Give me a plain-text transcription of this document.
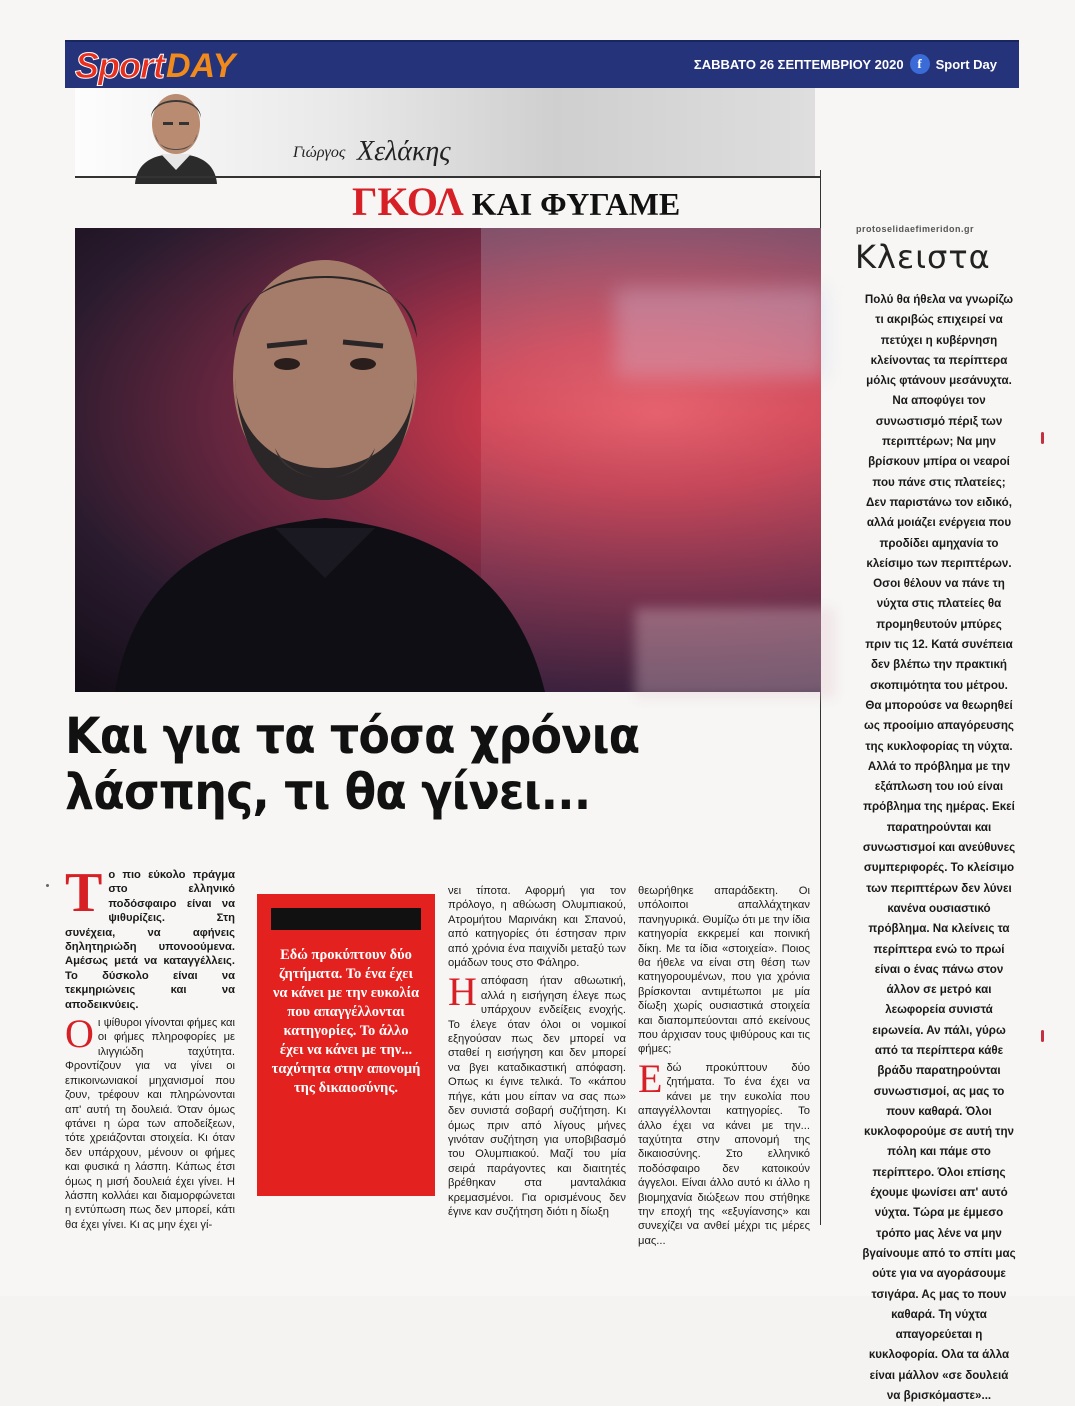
Sport DAY	ΣΑΒΒΑΤΟ 26 ΣΕΠΤΕΜΒΡΙΟΥ 2020	f	Sport Day
Γιώργος Χελάκης
ΓΚΟΛ ΚΑΙ ΦΥΓΑΜΕ
Και για τα τόσα χρόνια
λάσπης, τι θα γίνει...

Το πιο εύκολο πράγμα στο ελληνικό ποδόσφαιρο είναι να ψιθυρίζεις. Στη συνέχεια, να αφήνεις δηλητηριώδη υπονοούμενα. Αμέσως μετά να καταγγέλλεις. Το δύσκολο είναι να τεκμηριώνεις και να αποδεικνύεις.

Οι ψίθυροι γίνονται φήμες και οι φήμες πληροφορίες με ιλιγγιώδη ταχύτητα. Φροντίζουν για να γίνει οι επικοινωνιακοί μηχανισμοί που ζουν, τρέφουν και πληρώνονται απ' αυτή τη δουλειά. Όταν όμως φτάνει η ώρα των αποδείξεων, τότε χρειάζονται στοιχεία. Κι όταν δεν υπάρχουν, μένουν οι φήμες και φυσικά η λάσπη. Κάπως έτσι όμως η μισή δουλειά έχει γίνει. Η λάσπη κολλάει και διαμορφώνεται η εντύπωση πως δεν μπορεί, κάτι θα έχει γίνει. Κι ας μην έχει γί-

Εδώ προκύπτουν δύο ζητήματα. Το ένα έχει να κάνει με την ευκολία που απαγγέλλονται κατηγορίες. Το άλλο έχει να κάνει με την... ταχύτητα στην απονομή της δικαιοσύνης.

νει τίποτα. Αφορμή για τον πρόλογο, η αθώωση Ολυμπιακού, Ατρομήτου Μαρινάκη και Σπανού, από κατηγορίες ότι έστησαν πριν από χρόνια ένα παιχνίδι μεταξύ των ομάδων τους στο Φάληρο.

Ηαπόφαση ήταν αθωωτική, αλλά η εισήγηση έλεγε πως υπάρχουν ενδείξεις ενοχής. Το έλεγε όταν όλοι οι νομικοί εξηγούσαν πως δεν μπορεί να σταθεί η εισήγηση και δεν μπορεί να βγει καταδικαστική απόφαση. Οπως κι έγινε τελικά. Το «κάπου πήγε, κάτι μου είπαν να σας πω» δεν συνιστά σοβαρή συζήτηση. Κι όμως πριν από λίγους μήνες γινόταν συζήτηση για υποβιβασμό του Ολυμπιακού. Μαζί του μία σειρά παράγοντες και διαιτητές βρέθηκαν στα μανταλάκια κρεμασμένοι. Για ορισμένους δεν έγινε καν συζήτηση διότι η δίωξη

θεωρήθηκε απαράδεκτη. Οι υπόλοιποι απαλλάχτηκαν πανηγυρικά. Θυμίζω ότι με την ίδια κατηγορία εκκρεμεί και ποινική δίκη. Με τα ίδια «στοιχεία». Ποιος θα ήθελε να είναι στη θέση των κατηγορουμένων, που για χρόνια βρίσκονται αντιμέτωποι με μία δίωξη χωρίς ουσιαστικά στοιχεία και διαπομπεύονται από εκείνους που άρχισαν τους ψιθύρους και τις φήμες;

Εδώ προκύπτουν δύο ζητήματα. Το ένα έχει να κάνει με την ευκολία που απαγγέλλονται κατηγορίες. Το άλλο έχει να κάνει με την... ταχύτητα στην απονομή της δικαιοσύνης. Στο ελληνικό ποδόσφαιρο δεν κατοικούν άγγελοι. Είναι άλλο αυτό κι άλλο η βιομηχανία διώξεων που στήθηκε την εποχή της «εξυγίανσης» και συνεχίζει να ανθεί μέχρι τις μέρες μας...

protoselidaefimeridon.gr
Κλειστα
Πολύ θα ήθελα να γνωρίζω τι ακριβώς επιχειρεί να πετύχει η κυβέρνηση κλείνοντας τα περίπτερα μόλις φτάνουν μεσάνυχτα. Να αποφύγει τον συνωστισμό πέριξ των περιπτέρων; Να μην βρίσκουν μπίρα οι νεαροί που πάνε στις πλατείες; Δεν παριστάνω τον ειδικό, αλλά μοιάζει ενέργεια που προδίδει αμηχανία το κλείσιμο των περιπτέρων. Οσοι θέλουν να πάνε τη νύχτα στις πλατείες θα προμηθευτούν μπύρες πριν τις 12. Κατά συνέπεια δεν βλέπω την πρακτική σκοπιμότητα του μέτρου. Θα μπορούσε να θεωρηθεί ως προοίμιο απαγόρευσης της κυκλοφορίας τη νύχτα. Αλλά το πρόβλημα με την εξάπλωση του ιού είναι πρόβλημα της ημέρας. Εκεί παρατηρούνται και συνωστισμοί και ανεύθυνες συμπεριφορές. Το κλείσιμο των περιπτέρων δεν λύνει κανένα ουσιαστικό πρόβλημα. Να κλείνεις τα περίπτερα ενώ το πρωί είναι ο ένας πάνω στον άλλον σε μετρό και λεωφορεία συνιστά ειρωνεία. Αν πάλι, γύρω από τα περίπτερα κάθε βράδυ παρατηρούνται συνωστισμοί, ας μας το πουν καθαρά. Όλοι κυκλοφορούμε σε αυτή την πόλη και πάμε στο περίπτερο. Όλοι επίσης έχουμε ψωνίσει απ' αυτό νύχτα. Τώρα με έμμεσο τρόπο μας λένε να μην βγαίνουμε από το σπίτι μας ούτε για να αγοράσουμε τσιγάρα. Ας μας το πουν καθαρά. Τη νύχτα απαγορεύεται η κυκλοφορία. Ολα τα άλλα είναι μάλλον «σε δουλειά να βρισκόμαστε»...
